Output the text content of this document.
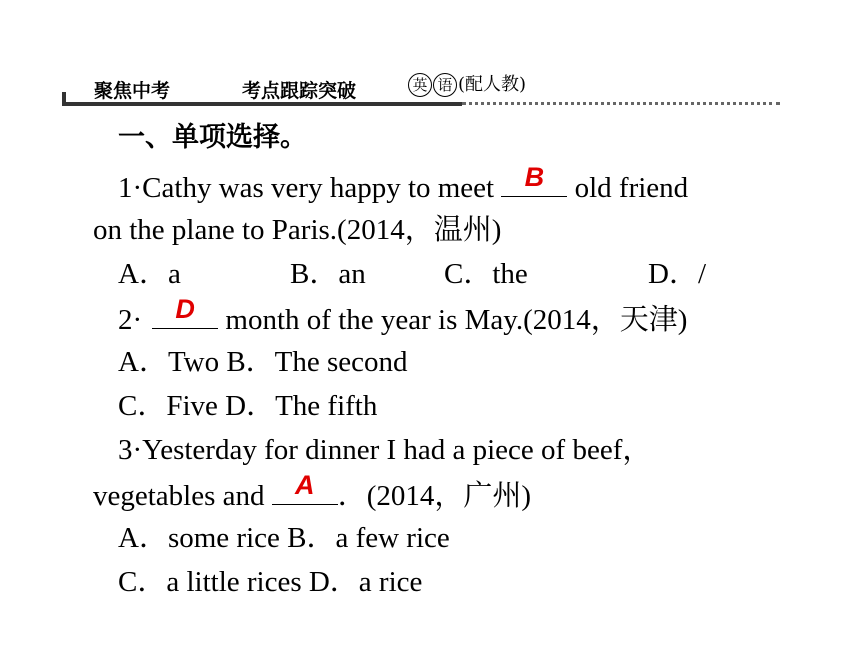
聚焦中考	考点跟踪突破	英 语 (配人教)
一、单项选择。
1·Cathy was very happy to meet B old friend
on the plane to Paris.(2014，温州)
A．a	B．an	C．the	D．/
2·	D month of the year is May.(2014，天津)
A．Two B．The second
C．Five D．The fifth
3·Yesterday for dinner I had a piece of beef，
vegetables and A ．(2014，广州)
A．some rice B．a few rice
C．a little rices D．a rice
